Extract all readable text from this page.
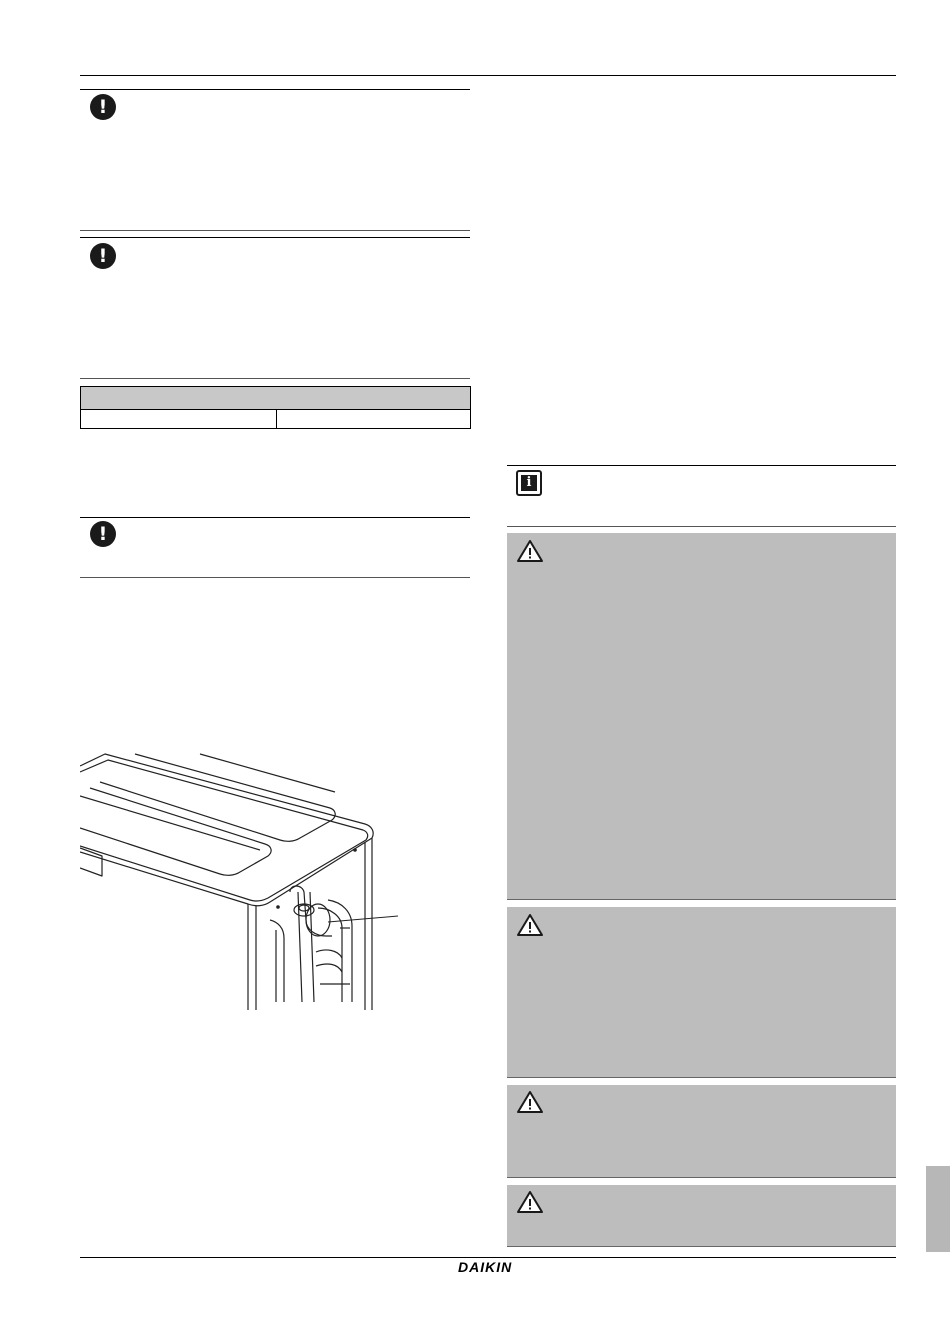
!
!
!
i
DAIKIN
